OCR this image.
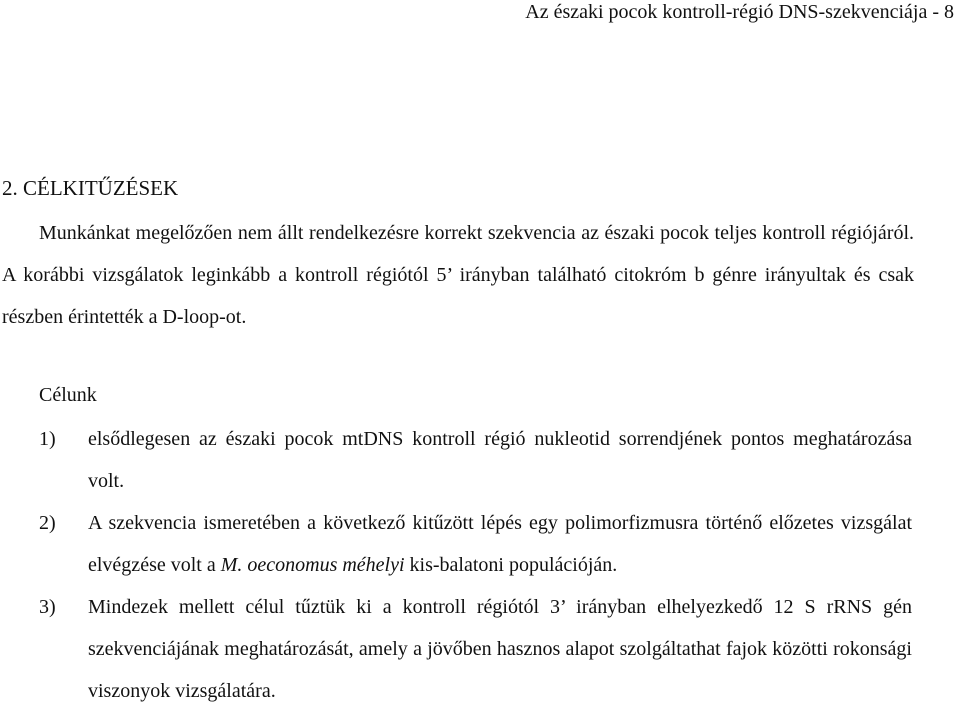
Az északi pocok kontroll-régió DNS-szekvenciája - 8
2. CÉLKITŰZÉSEK

Munkánkat megelőzően nem állt rendelkezésre korrekt szekvencia az északi pocok teljes kontroll régiójáról. A korábbi vizsgálatok leginkább a kontroll régiótól 5’ irányban található citokróm b génre irányultak és csak részben érintették a D-loop-ot.

Célunk

1)	elsődlegesen az északi pocok mtDNS kontroll régió nukleotid sorrendjének pontos meghatározása volt.
2)	A szekvencia ismeretében a következő kitűzött lépés egy polimorfizmusra történő előzetes vizsgálat elvégzése volt a M. oeconomus méhelyi kis-balatoni populációján.
3)	Mindezek mellett célul tűztük ki a kontroll régiótól 3’ irányban elhelyezkedő 12 S rRNS gén szekvenciájának meghatározását, amely a jövőben hasznos alapot szolgáltathat fajok közötti rokonsági viszonyok vizsgálatára.
